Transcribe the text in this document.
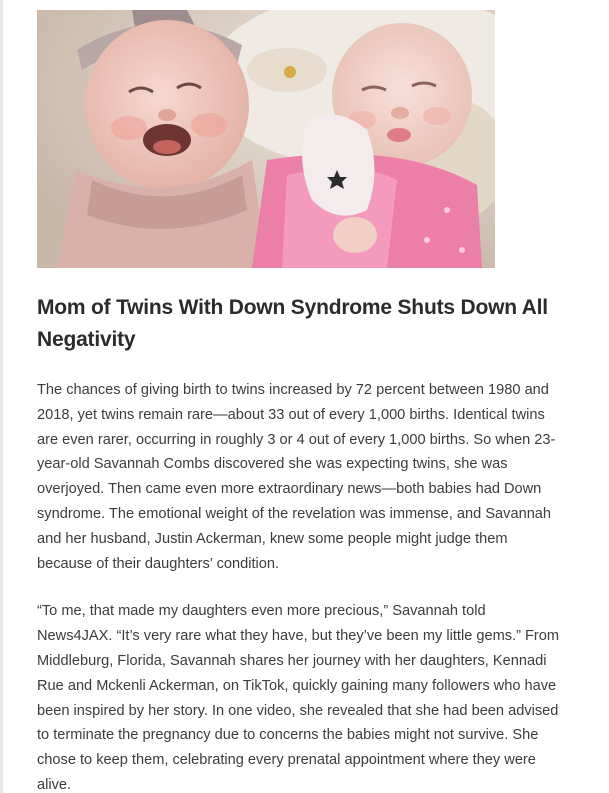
Mom of Twins With Down Syndrome Shuts Down All
Negativity

The chances of giving birth to twins increased by 72 percent between 1980 and
2018, yet twins remain rare—about 33 out of every 1,000 births. Identical twins
are even rarer, occurring in roughly 3 or 4 out of every 1,000 births. So when 23-
year-old Savannah Combs discovered she was expecting twins, she was
overjoyed. Then came even more extraordinary news—both babies had Down
syndrome. The emotional weight of the revelation was immense, and Savannah
and her husband, Justin Ackerman, knew some people might judge them
because of their daughters’ condition.

“To me, that made my daughters even more precious,” Savannah told
News4JAX. “It’s very rare what they have, but they’ve been my little gems.” From
Middleburg, Florida, Savannah shares her journey with her daughters, Kennadi
Rue and Mckenli Ackerman, on TikTok, quickly gaining many followers who have
been inspired by her story. In one video, she revealed that she had been advised
to terminate the pregnancy due to concerns the babies might not survive. She
chose to keep them, celebrating every prenatal appointment where they were
alive.
